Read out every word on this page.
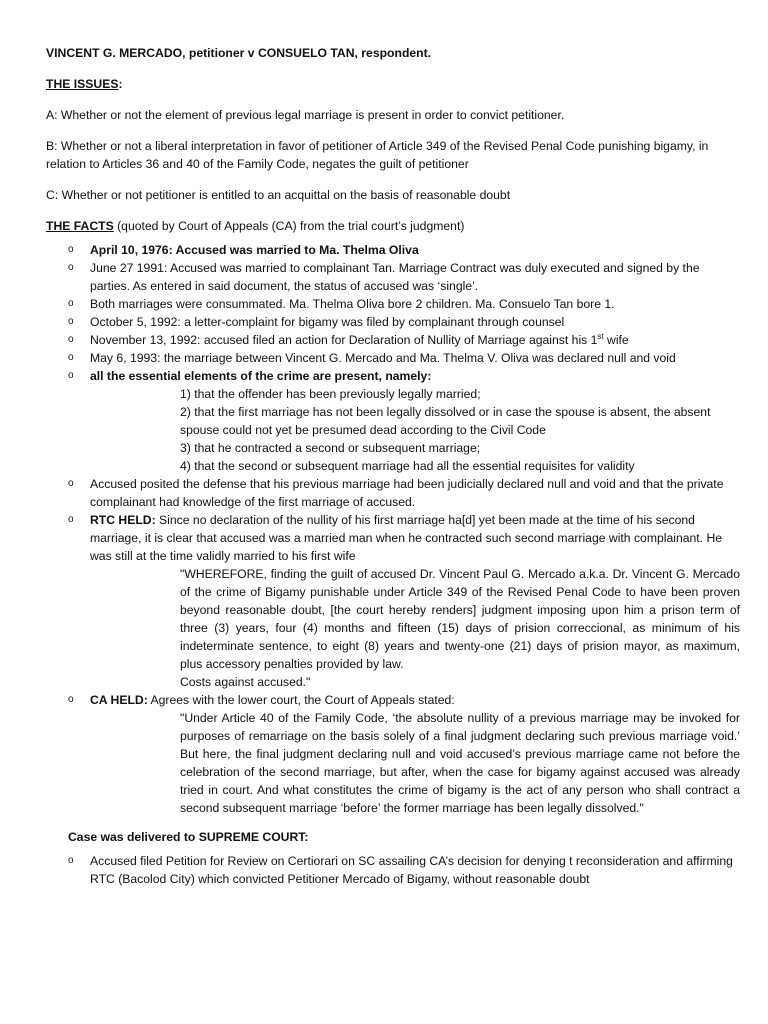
VINCENT G. MERCADO, petitioner v CONSUELO TAN, respondent.

THE ISSUES:

A: Whether or not the element of previous legal marriage is present in order to convict petitioner.

B: Whether or not a liberal interpretation in favor of petitioner of Article 349 of the Revised Penal Code punishing bigamy, in relation to Articles 36 and 40 of the Family Code, negates the guilt of petitioner

C: Whether or not petitioner is entitled to an acquittal on the basis of reasonable doubt

THE FACTS (quoted by Court of Appeals (CA) from the trial court’s judgment)

o April 10, 1976: Accused was married to Ma. Thelma Oliva
o June 27 1991: Accused was married to complainant Tan. Marriage Contract was duly executed and signed by the parties. As entered in said document, the status of accused was ‘single’.
o Both marriages were consummated. Ma. Thelma Oliva bore 2 children. Ma. Consuelo Tan bore 1.
o October 5, 1992: a letter-complaint for bigamy was filed by complainant through counsel
o November 13, 1992: accused filed an action for Declaration of Nullity of Marriage against his 1st wife
o May 6, 1993: the marriage between Vincent G. Mercado and Ma. Thelma V. Oliva was declared null and void
o all the essential elements of the crime are present, namely:
1) that the offender has been previously legally married;
2) that the first marriage has not been legally dissolved or in case the spouse is absent, the absent spouse could not yet be presumed dead according to the Civil Code
3) that he contracted a second or subsequent marriage;
4) that the second or subsequent marriage had all the essential requisites for validity
o Accused posited the defense that his previous marriage had been judicially declared null and void and that the private complainant had knowledge of the first marriage of accused.
o RTC HELD: Since no declaration of the nullity of his first marriage ha[d] yet been made at the time of his second marriage, it is clear that accused was a married man when he contracted such second marriage with complainant. He was still at the time validly married to his first wife
"WHEREFORE, finding the guilt of accused Dr. Vincent Paul G. Mercado a.k.a. Dr. Vincent G. Mercado of the crime of Bigamy punishable under Article 349 of the Revised Penal Code to have been proven beyond reasonable doubt, [the court hereby renders] judgment imposing upon him a prison term of three (3) years, four (4) months and fifteen (15) days of prision correccional, as minimum of his indeterminate sentence, to eight (8) years and twenty-one (21) days of prision mayor, as maximum, plus accessory penalties provided by law.
Costs against accused."
o CA HELD: Agrees with the lower court, the Court of Appeals stated:
"Under Article 40 of the Family Code, ‘the absolute nullity of a previous marriage may be invoked for purposes of remarriage on the basis solely of a final judgment declaring such previous marriage void.’ But here, the final judgment declaring null and void accused’s previous marriage came not before the celebration of the second marriage, but after, when the case for bigamy against accused was already tried in court. And what constitutes the crime of bigamy is the act of any person who shall contract a second subsequent marriage ‘before’ the former marriage has been legally dissolved."

Case was delivered to SUPREME COURT:

o Accused filed Petition for Review on Certiorari on SC assailing CA’s decision for denying t reconsideration and affirming RTC (Bacolod City) which convicted Petitioner Mercado of Bigamy, without reasonable doubt
